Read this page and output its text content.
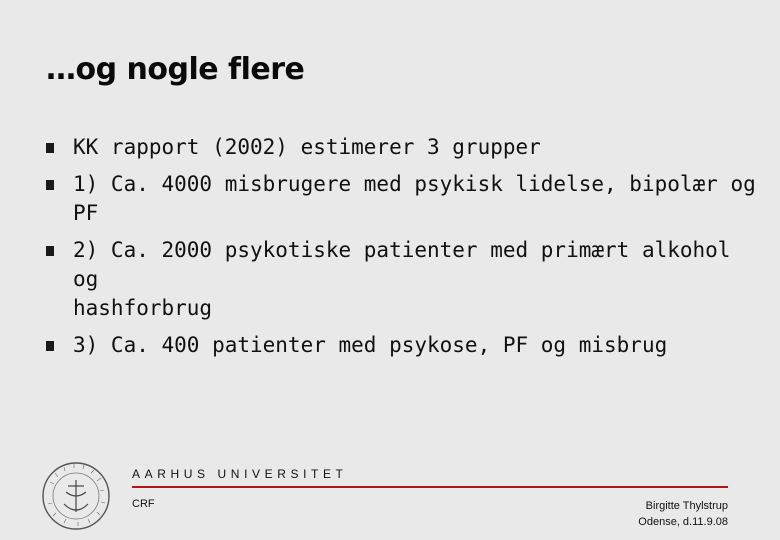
…og nogle flere
KK rapport (2002) estimerer 3 grupper
1) Ca. 4000 misbrugere med psykisk lidelse, bipolær og
PF
2) Ca. 2000 psykotiske patienter med primært alkohol og
hashforbrug
3) Ca. 400 patienter med psykose, PF og misbrug
AARHUS UNIVERSITET
CRF	Birgitte Thylstrup
Odense, d.11.9.08
